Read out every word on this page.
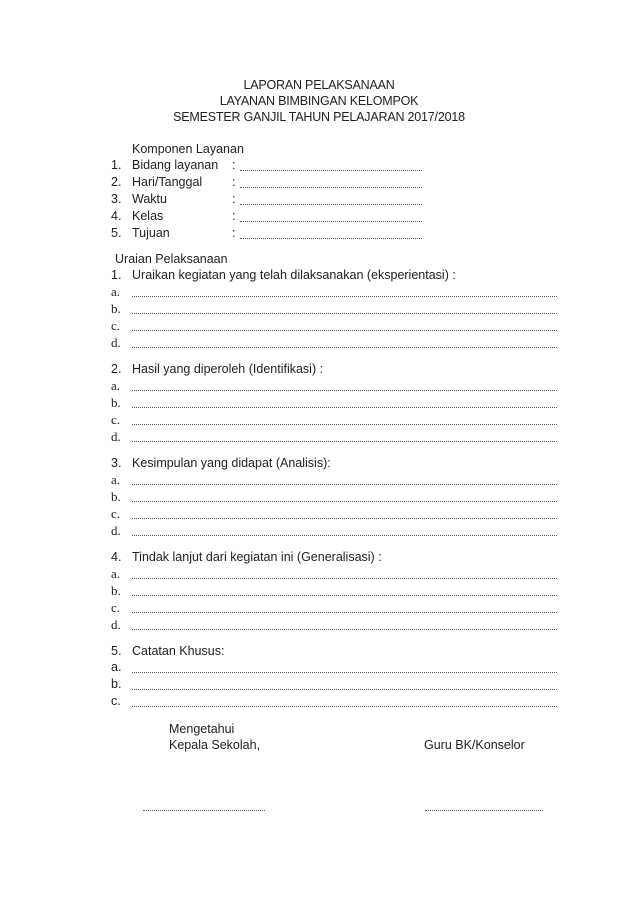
LAPORAN PELAKSANAAN
LAYANAN BIMBINGAN KELOMPOK
SEMESTER GANJIL TAHUN PELAJARAN 2017/2018
Komponen Layanan
1. Bidang layanan :
2. Hari/Tanggal :
3. Waktu	:
4. Kelas	:
5. Tujuan	:
Uraian Pelaksanaan
1. Uraikan kegiatan yang telah dilaksanakan (eksperientasi) :
a.
b.
c.
d.
2. Hasil yang diperoleh (Identifikasi) :
a.
b.
c.
d.
3. Kesimpulan yang didapat (Analisis):
a.
b.
c.
d.
4. Tindak lanjut dari kegiatan ini (Generalisasi) :
a.
b.
c.
d.
5. Catatan Khusus:
a.
b.
c.
Mengetahui
Kepala Sekolah,	Guru BK/Konselor
